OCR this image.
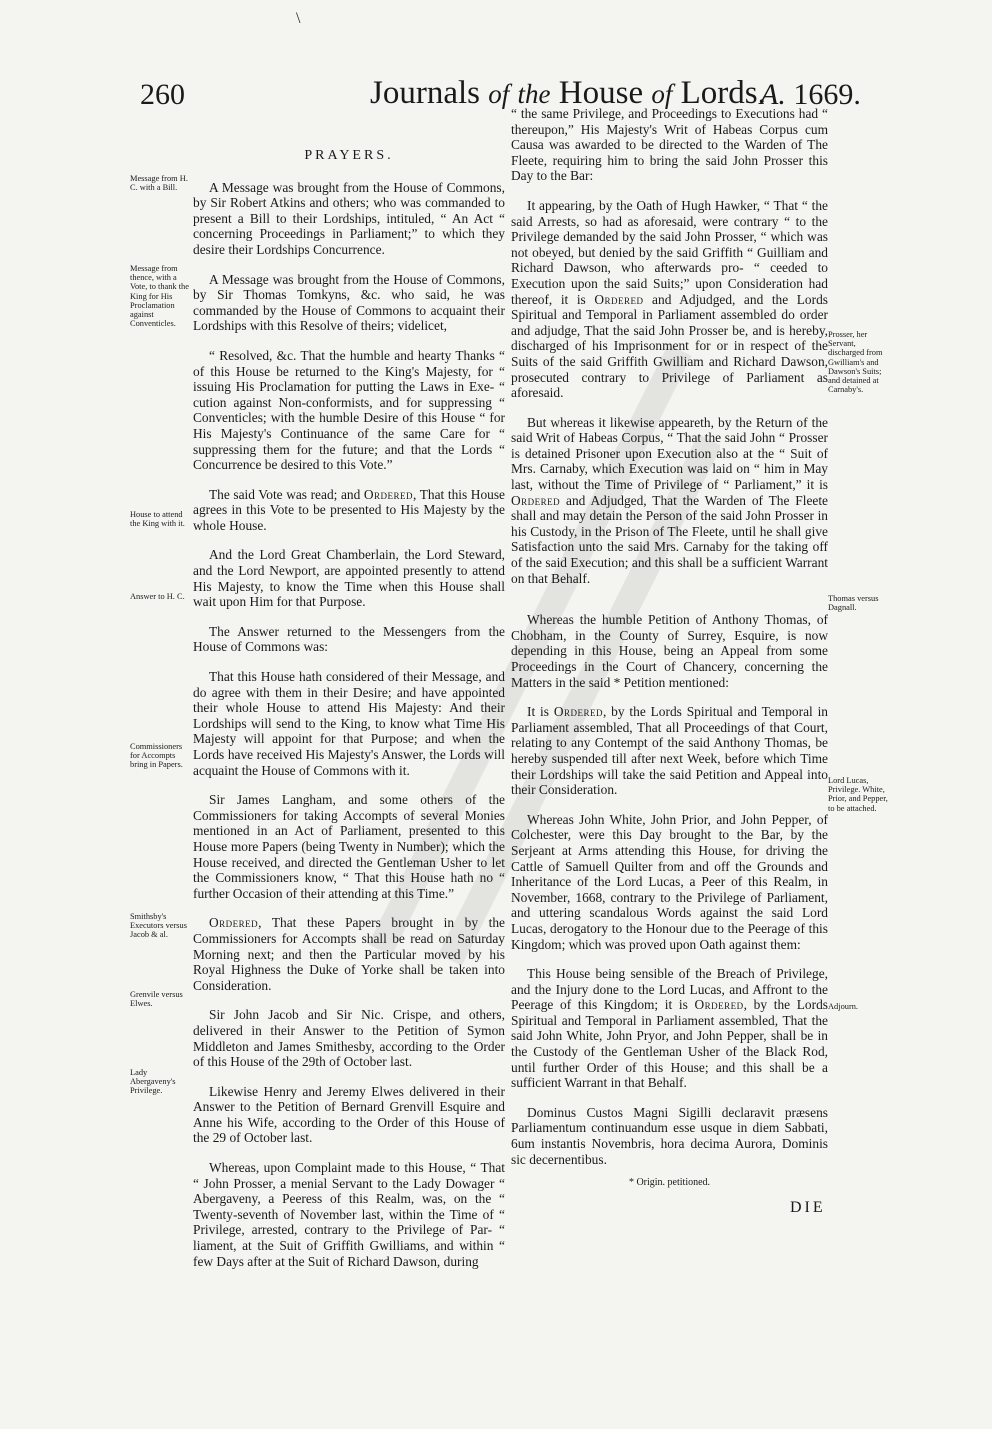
\
260	Journals of the House of Lords.
A. 1669.
PRAYERS.

A Message was brought from the House of Commons, by Sir Robert Atkins and others; who was commanded to present a Bill to their Lordships, intituled, “ An Act “ concerning Proceedings in Parliament;” to which they desire their Lordships Concurrence.

A Message was brought from the House of Commons, by Sir Thomas Tomkyns, &c. who said, he was commanded by the House of Commons to acquaint their Lordships with this Resolve of theirs; videlicet,

“ Resolved, &c. That the humble and hearty Thanks “ of this House be returned to the King's Majesty, for “ issuing His Proclamation for putting the Laws in Exe- “ cution against Non-conformists, and for suppressing “ Conventicles; with the humble Desire of this House “ for His Majesty's Continuance of the same Care for “ suppressing them for the future; and that the Lords “ Concurrence be desired to this Vote.”

The said Vote was read; and Ordered, That this House agrees in this Vote to be presented to His Majesty by the whole House.

And the Lord Great Chamberlain, the Lord Steward, and the Lord Newport, are appointed presently to attend His Majesty, to know the Time when this House shall wait upon Him for that Purpose.

The Answer returned to the Messengers from the House of Commons was:

That this House hath considered of their Message, and do agree with them in their Desire; and have appointed their whole House to attend His Majesty: And their Lordships will send to the King, to know what Time His Majesty will appoint for that Purpose; and when the Lords have received His Majesty's Answer, the Lords will acquaint the House of Commons with it.

Sir James Langham, and some others of the Commissioners for taking Accompts of several Monies mentioned in an Act of Parliament, presented to this House more Papers (being Twenty in Number); which the House received, and directed the Gentleman Usher to let the Commissioners know, “ That this House hath no “ further Occasion of their attending at this Time.”

Ordered, That these Papers brought in by the Commissioners for Accompts shall be read on Saturday Morning next; and then the Particular moved by his Royal Highness the Duke of Yorke shall be taken into Consideration.

Sir John Jacob and Sir Nic. Crispe, and others, delivered in their Answer to the Petition of Symon Middleton and James Smithesby, according to the Order of this House of the 29th of October last.

Likewise Henry and Jeremy Elwes delivered in their Answer to the Petition of Bernard Grenvill Esquire and Anne his Wife, according to the Order of this House of the 29 of October last.

Whereas, upon Complaint made to this House, “ That “ John Prosser, a menial Servant to the Lady Dowager “ Abergaveny, a Peeress of this Realm, was, on the “ Twenty-seventh of November last, within the Time of “ Privilege, arrested, contrary to the Privilege of Par- “ liament, at the Suit of Griffith Gwilliams, and within “ few Days after at the Suit of Richard Dawson, during

“ the same Privilege, and Proceedings to Executions had “ thereupon,” His Majesty's Writ of Habeas Corpus cum Causa was awarded to be directed to the Warden of The Fleete, requiring him to bring the said John Prosser this Day to the Bar:

It appearing, by the Oath of Hugh Hawker, “ That “ the said Arrests, so had as aforesaid, were contrary “ to the Privilege demanded by the said John Prosser, “ which was not obeyed, but denied by the said Griffith “ Guilliam and Richard Dawson, who afterwards pro- “ ceeded to Execution upon the said Suits;” upon Consideration had thereof, it is Ordered and Adjudged, and the Lords Spiritual and Temporal in Parliament assembled do order and adjudge, That the said John Prosser be, and is hereby, discharged of his Imprisonment for or in respect of the Suits of the said Griffith Gwilliam and Richard Dawson, prosecuted contrary to Privilege of Parliament as aforesaid.

But whereas it likewise appeareth, by the Return of the said Writ of Habeas Corpus, “ That the said John “ Prosser is detained Prisoner upon Execution also at the “ Suit of Mrs. Carnaby, which Execution was laid on “ him in May last, without the Time of Privilege of “ Parliament,” it is Ordered and Adjudged, That the Warden of The Fleete shall and may detain the Person of the said John Prosser in his Custody, in the Prison of The Fleete, until he shall give Satisfaction unto the said Mrs. Carnaby for the taking off of the said Execution; and this shall be a sufficient Warrant on that Behalf.

Whereas the humble Petition of Anthony Thomas, of Chobham, in the County of Surrey, Esquire, is now depending in this House, being an Appeal from some Proceedings in the Court of Chancery, concerning the Matters in the said * Petition mentioned:

It is Ordered, by the Lords Spiritual and Temporal in Parliament assembled, That all Proceedings of that Court, relating to any Contempt of the said Anthony Thomas, be hereby suspended till after next Week, before which Time their Lordships will take the said Petition and Appeal into their Consideration.

Whereas John White, John Prior, and John Pepper, of Colchester, were this Day brought to the Bar, by the Serjeant at Arms attending this House, for driving the Cattle of Samuell Quilter from and off the Grounds and Inheritance of the Lord Lucas, a Peer of this Realm, in November, 1668, contrary to the Privilege of Parliament, and uttering scandalous Words against the said Lord Lucas, derogatory to the Honour due to the Peerage of this Kingdom; which was proved upon Oath against them:

This House being sensible of the Breach of Privilege, and the Injury done to the Lord Lucas, and Affront to the Peerage of this Kingdom; it is Ordered, by the Lords Spiritual and Temporal in Parliament assembled, That the said John White, John Pryor, and John Pepper, shall be in the Custody of the Gentleman Usher of the Black Rod, until further Order of this House; and this shall be a sufficient Warrant in that Behalf.

Dominus Custos Magni Sigilli declaravit præsens Parliamentum continuandum esse usque in diem Sabbati, 6um instantis Novembris, hora decima Aurora, Dominis sic decernentibus.

* Origin. petitioned.
Message from H. C. with a Bill.
Message from thence, with a Vote, to thank the King for His Proclamation against Conventicles.
House to attend the King with it.
Answer to H. C.
Commissioners for Accompts bring in Papers.
Smithsby's Executors versus Jacob & al.
Grenvile versus Elwes.
Lady Abergaveny's Privilege.
Prosser, her Servant, discharged from Gwilliam's and Dawson's Suits; and detained at Carnaby's.
Thomas versus Dagnall.
Lord Lucas, Privilege. White, Prior, and Pepper, to be attached.
Adjourn.
DIE
